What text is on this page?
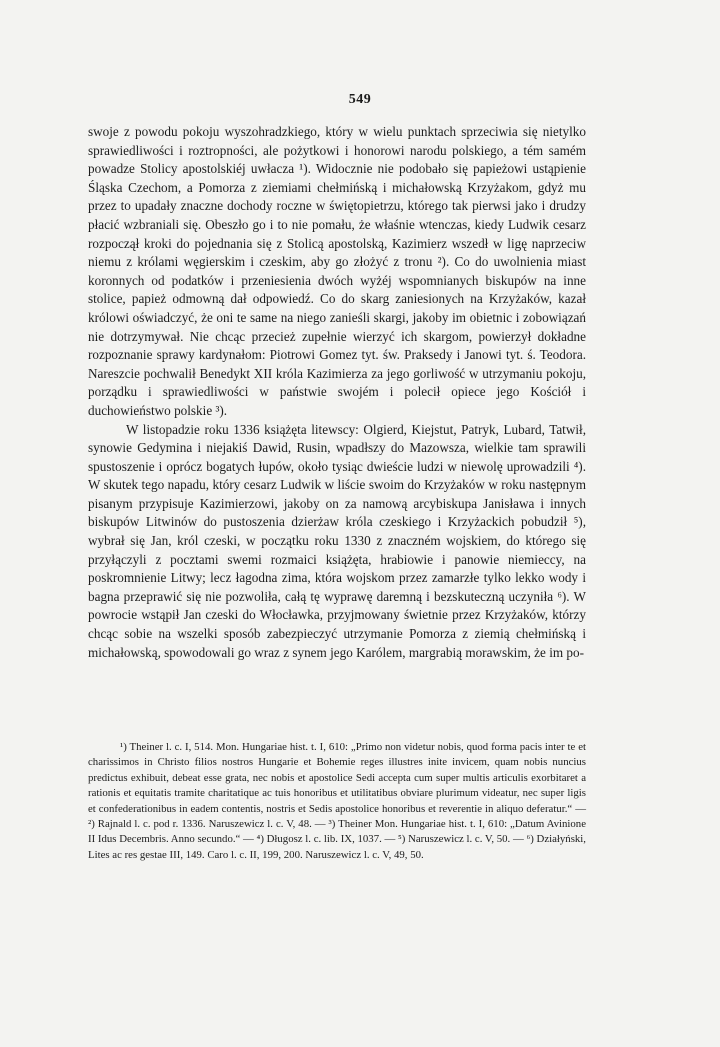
549

swoje z powodu pokoju wyszohradzkiego, który w wielu punktach sprzeciwia się nietylko sprawiedliwości i roztropności, ale pożytkowi i honorowi narodu polskiego, a tém samém powadze Stolicy apostolskiéj uwłacza ¹). Widocznie nie podobało się papieżowi ustąpienie Śląska Czechom, a Pomorza z ziemiami chełmińską i michałowską Krzyżakom, gdyż mu przez to upadały znaczne dochody roczne w świętopietrzu, którego tak pierwsi jako i drudzy płacić wzbraniali się. Obeszło go i to nie pomału, że właśnie wtenczas, kiedy Ludwik cesarz rozpoczął kroki do pojednania się z Stolicą apostolską, Kazimierz wszedł w ligę naprzeciw niemu z królami węgierskim i czeskim, aby go złożyć z tronu ²). Co do uwolnienia miast koronnych od podatków i przeniesienia dwóch wyżéj wspomnianych biskupów na inne stolice, papież odmowną dał odpowiedź. Co do skarg zaniesionych na Krzyżaków, kazał królowi oświadczyć, że oni te same na niego zanieśli skargi, jakoby im obietnic i zobowiązań nie dotrzymywał. Nie chcąc przecież zupełnie wierzyć ich skargom, powierzył dokładne rozpoznanie sprawy kardynałom: Piotrowi Gomez tyt. św. Praksedy i Janowi tyt. ś. Teodora. Nareszcie pochwalił Benedykt XII króla Kazimierza za jego gorliwość w utrzymaniu pokoju, porządku i sprawiedliwości w państwie swojém i polecił opiece jego Kościół i duchowieństwo polskie ³).

W listopadzie roku 1336 książęta litewscy: Olgierd, Kiejstut, Patryk, Lubard, Tatwił, synowie Gedymina i niejakiś Dawid, Rusin, wpadłszy do Mazowsza, wielkie tam sprawili spustoszenie i oprócz bogatych łupów, około tysiąc dwieście ludzi w niewolę uprowadzili ⁴). W skutek tego napadu, który cesarz Ludwik w liście swoim do Krzyżaków w roku następnym pisanym przypisuje Kazimierzowi, jakoby on za namową arcybiskupa Janisława i innych biskupów Litwinów do pustoszenia dzierżaw króla czeskiego i Krzyżackich pobudził ⁵), wybrał się Jan, król czeski, w początku roku 1330 z znaczném wojskiem, do którego się przyłączyli z pocztami swemi rozmaici książęta, hrabiowie i panowie niemieccy, na poskromnienie Litwy; lecz łagodna zima, która wojskom przez zamarzłe tylko lekko wody i bagna przeprawić się nie pozwoliła, całą tę wyprawę daremną i bezskuteczną uczyniła ⁶). W powrocie wstąpił Jan czeski do Włocławka, przyjmowany świetnie przez Krzyżaków, którzy chcąc sobie na wszelki sposób zabezpieczyć utrzymanie Pomorza z ziemią chełmińską i michałowską, spowodowali go wraz z synem jego Karólem, margrabią morawskim, że im po-

¹) Theiner l. c. I, 514. Mon. Hungariae hist. t. I, 610: „Primo non videtur nobis, quod forma pacis inter te et charissimos in Christo filios nostros Hungarie et Bohemie reges illustres inite invicem, quam nobis nuncius predictus exhibuit, debeat esse grata, nec nobis et apostolice Sedi accepta cum super multis articulis exorbitaret a rationis et equitatis tramite charitatique ac tuis honoribus et utilitatibus obviare plurimum videatur, nec super ligis et confederationibus in eadem contentis, nostris et Sedis apostolice honoribus et reverentie in aliquo deferatur.“ — ²) Rajnald l. c. pod r. 1336. Naruszewicz l. c. V, 48. — ³) Theiner Mon. Hungariae hist. t. I, 610: „Datum Avinione II Idus Decembris. Anno secundo.“ — ⁴) Długosz l. c. lib. IX, 1037. — ⁵) Naruszewicz l. c. V, 50. — ⁶) Działyński, Lites ac res gestae III, 149. Caro l. c. II, 199, 200. Naruszewicz l. c. V, 49, 50.
